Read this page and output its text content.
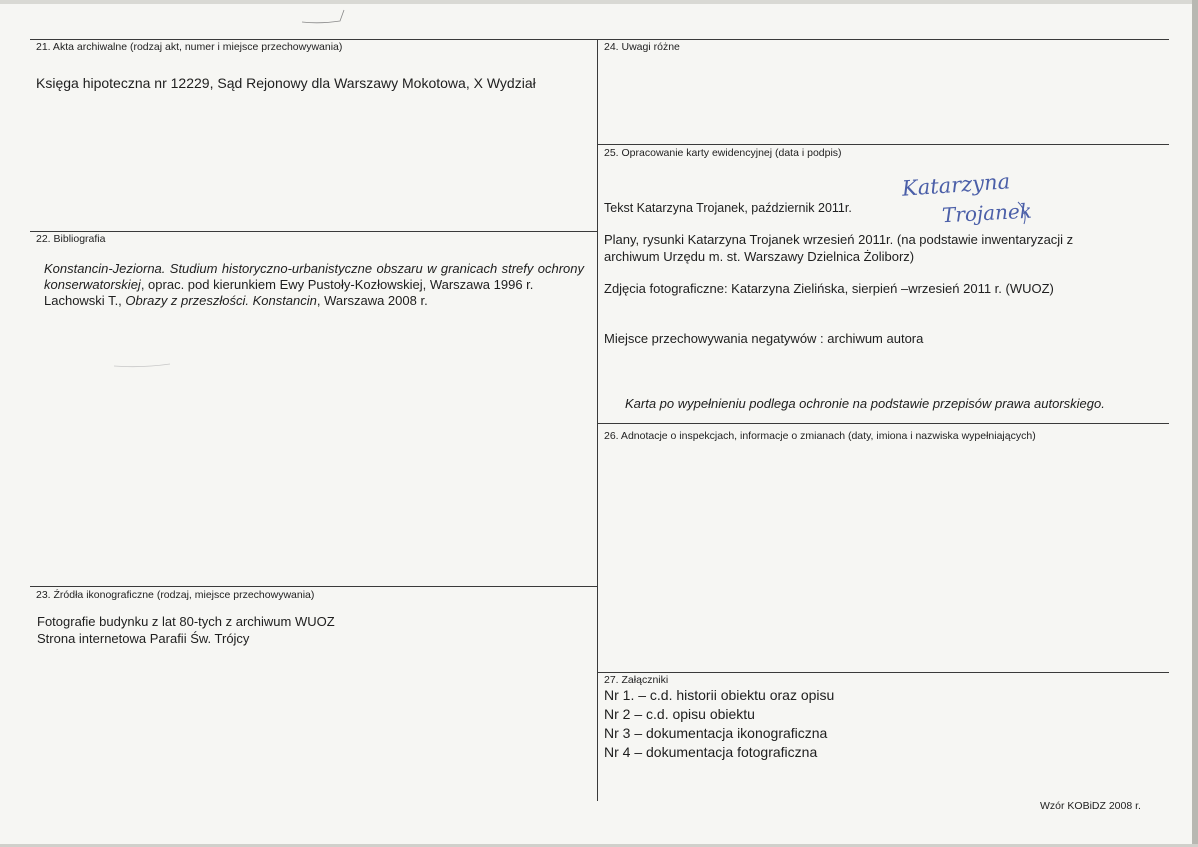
21. Akta archiwalne (rodzaj akt, numer i miejsce przechowywania)
Księga hipoteczna nr 12229, Sąd Rejonowy dla Warszawy Mokotowa, X Wydział
22. Bibliografia
Konstancin-Jeziorna. Studium historyczno-urbanistyczne obszaru w granicach strefy ochrony konserwatorskiej, oprac. pod kierunkiem Ewy Pustoły-Kozłowskiej, Warszawa 1996 r.
Lachowski T., Obrazy z przeszłości. Konstancin, Warszawa 2008 r.
23. Źródła ikonograficzne (rodzaj, miejsce przechowywania)
Fotografie budynku z lat 80-tych z archiwum WUOZ
Strona internetowa Parafii Św. Trójcy
24. Uwagi różne
25. Opracowanie karty ewidencyjnej (data i podpis)
Tekst Katarzyna Trojanek, październik 2011r.
Katarzyna
Trojanek
Plany, rysunki Katarzyna Trojanek wrzesień 2011r. (na podstawie inwentaryzacji z
archiwum Urzędu m. st. Warszawy Dzielnica Żoliborz)
Zdjęcia fotograficzne: Katarzyna Zielińska, sierpień –wrzesień 2011 r. (WUOZ)
Miejsce przechowywania negatywów : archiwum autora
Karta po wypełnieniu podlega ochronie na podstawie przepisów prawa autorskiego.
26. Adnotacje o inspekcjach, informacje o zmianach (daty, imiona i nazwiska wypełniających)
27. Załączniki
Nr 1. – c.d. historii obiektu oraz opisu
Nr 2 – c.d. opisu obiektu
Nr 3 – dokumentacja ikonograficzna
Nr 4 – dokumentacja fotograficzna
Wzór KOBiDZ 2008 r.
